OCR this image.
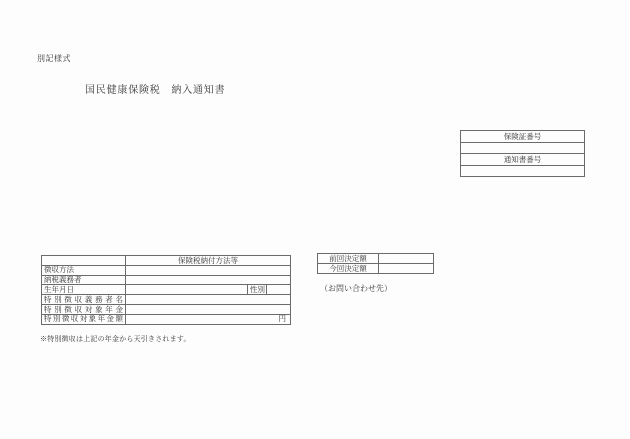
別記様式
国民健康保険税　納入通知書
保険証番号

通知書番号

	保険税納付方法等		
徴収方法			
納税義務者			
生年月日		性別	
特別徴収義務者名			
特別徴収対象年金			
特別徴収対象年金額	円		
※特別徴収は上記の年金から天引きされます。
前回決定額	
今回決定額	
（お問い合わせ先）
